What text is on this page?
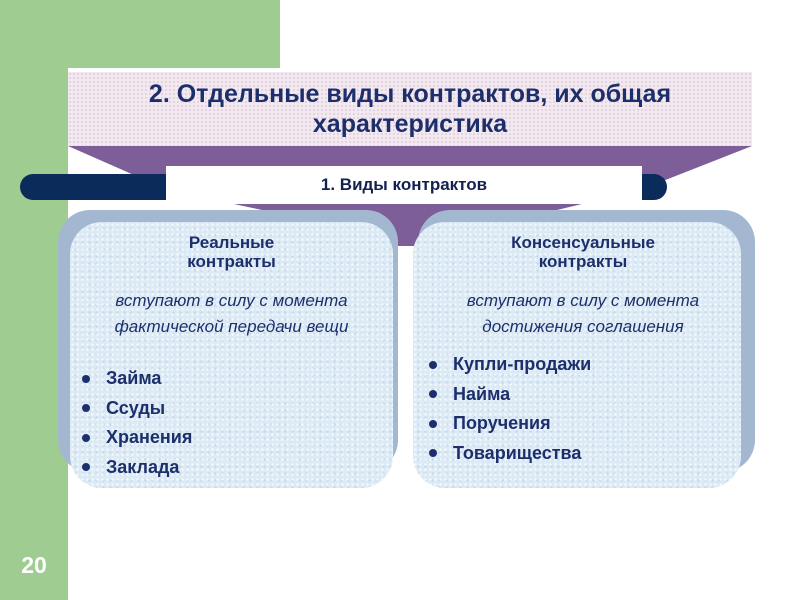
20
2. Отдельные виды контрактов, их общая характеристика
1. Виды контрактов
Реальные контракты
вступают в силу с момента фактической передачи вещи
Займа
Ссуды
Хранения
Заклада
Консенсуальные контракты
вступают в силу с момента достижения соглашения
Купли-продажи
Найма
Поручения
Товарищества
